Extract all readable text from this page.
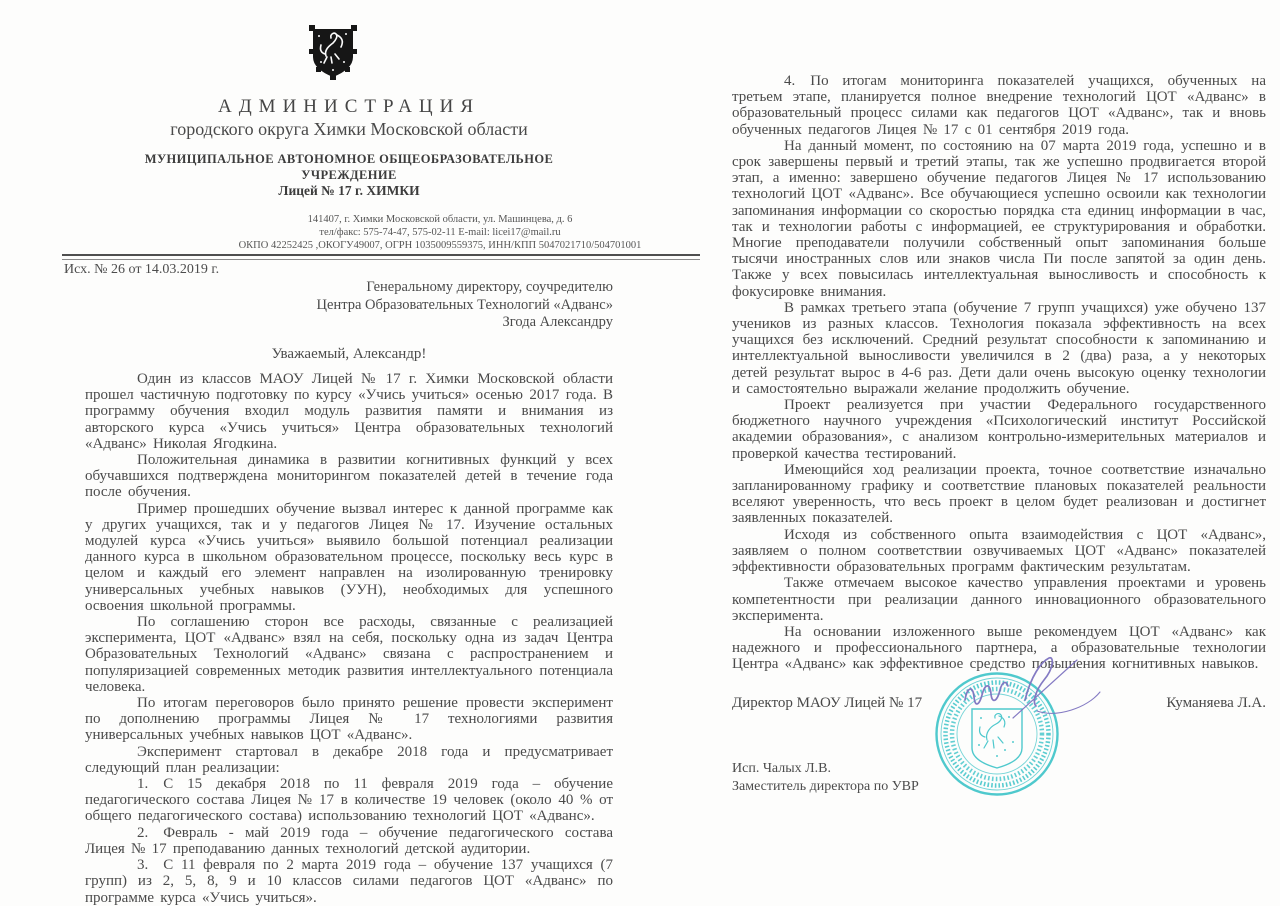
АДМИНИСТРАЦИЯ
городского округа Химки Московской области
МУНИЦИПАЛЬНОЕ АВТОНОМНОЕ ОБЩЕОБРАЗОВАТЕЛЬНОЕ
УЧРЕЖДЕНИЕ
Лицей № 17 г. ХИМКИ
141407, г. Химки Московской области, ул. Машинцева, д. 6
тел/факс: 575-74-47, 575-02-11 E-mail: licei17@mail.ru
ОКПО 42252425 ,ОКОГУ49007, ОГРН 1035009559375, ИНН/КПП 5047021710/504701001
Исх. № 26 от 14.03.2019 г.
Генеральному директору, соучредителю
Центра Образовательных Технологий «Адванс»
Згода Александру
Уважаемый, Александр!

Один из классов МАОУ Лицей № 17 г. Химки Московской области прошел частичную подготовку по курсу «Учись учиться» осенью 2017 года. В программу обучения входил модуль развития памяти и внимания из авторского курса «Учись учиться» Центра образовательных технологий «Адванс» Николая Ягодкина.

Положительная динамика в развитии когнитивных функций у всех обучавшихся подтверждена мониторингом показателей детей в течение года после обучения.

Пример прошедших обучение вызвал интерес к данной программе как у других учащихся, так и у педагогов Лицея № 17. Изучение остальных модулей курса «Учись учиться» выявило большой потенциал реализации данного курса в школьном образовательном процессе, поскольку весь курс в целом и каждый его элемент направлен на изолированную тренировку универсальных учебных навыков (УУН), необходимых для успешного освоения школьной программы.

По соглашению сторон все расходы, связанные с реализацией эксперимента, ЦОТ «Адванс» взял на себя, поскольку одна из задач Центра Образовательных Технологий «Адванс» связана с распространением и популяризацией современных методик развития интеллектуального потенциала человека.

По итогам переговоров было принято решение провести эксперимент по дополнению программы Лицея № 17 технологиями развития универсальных учебных навыков ЦОТ «Адванс».

Эксперимент стартовал в декабре 2018 года и предусматривает следующий план реализации:

1. С 15 декабря 2018 по 11 февраля 2019 года – обучение педагогического состава Лицея № 17 в количестве 19 человек (около 40 % от общего педагогического состава) использованию технологий ЦОТ «Адванс».

2. Февраль - май 2019 года – обучение педагогического состава Лицея № 17 преподаванию данных технологий детской аудитории.

3. С 11 февраля по 2 марта 2019 года – обучение 137 учащихся (7 групп) из 2, 5, 8, 9 и 10 классов силами педагогов ЦОТ «Адванс» по программе курса «Учись учиться».

4. По итогам мониторинга показателей учащихся, обученных на третьем этапе, планируется полное внедрение технологий ЦОТ «Адванс» в образовательный процесс силами как педагогов ЦОТ «Адванс», так и вновь обученных педагогов Лицея № 17 с 01 сентября 2019 года.

На данный момент, по состоянию на 07 марта 2019 года, успешно и в срок завершены первый и третий этапы, так же успешно продвигается второй этап, а именно: завершено обучение педагогов Лицея № 17 использованию технологий ЦОТ «Адванс». Все обучающиеся успешно освоили как технологии запоминания информации со скоростью порядка ста единиц информации в час, так и технологии работы с информацией, ее структурирования и обработки. Многие преподаватели получили собственный опыт запоминания больше тысячи иностранных слов или знаков числа Пи после запятой за один день. Также у всех повысилась интеллектуальная выносливость и способность к фокусировке внимания.

В рамках третьего этапа (обучение 7 групп учащихся) уже обучено 137 учеников из разных классов. Технология показала эффективность на всех учащихся без исключений. Средний результат способности к запоминанию и интеллектуальной выносливости увеличился в 2 (два) раза, а у некоторых детей результат вырос в 4-6 раз. Дети дали очень высокую оценку технологии и самостоятельно выражали желание продолжить обучение.

Проект реализуется при участии Федерального государственного бюджетного научного учреждения «Психологический институт Российской академии образования», с анализом контрольно-измерительных материалов и проверкой качества тестирований.

Имеющийся ход реализации проекта, точное соответствие изначально запланированному графику и соответствие плановых показателей реальности вселяют уверенность, что весь проект в целом будет реализован и достигнет заявленных показателей.

Исходя из собственного опыта взаимодействия с ЦОТ «Адванс», заявляем о полном соответствии озвучиваемых ЦОТ «Адванс» показателей эффективности образовательных программ фактическим результатам.

Также отмечаем высокое качество управления проектами и уровень компетентности при реализации данного инновационного образовательного эксперимента.

На основании изложенного выше рекомендуем ЦОТ «Адванс» как надежного и профессионального партнера, а образовательные технологии Центра «Адванс» как эффективное средство повышения когнитивных навыков.

Директор МАОУ Лицей № 17	Куманяева Л.А.
Исп. Чалых Л.В.
Заместитель директора по УВР
